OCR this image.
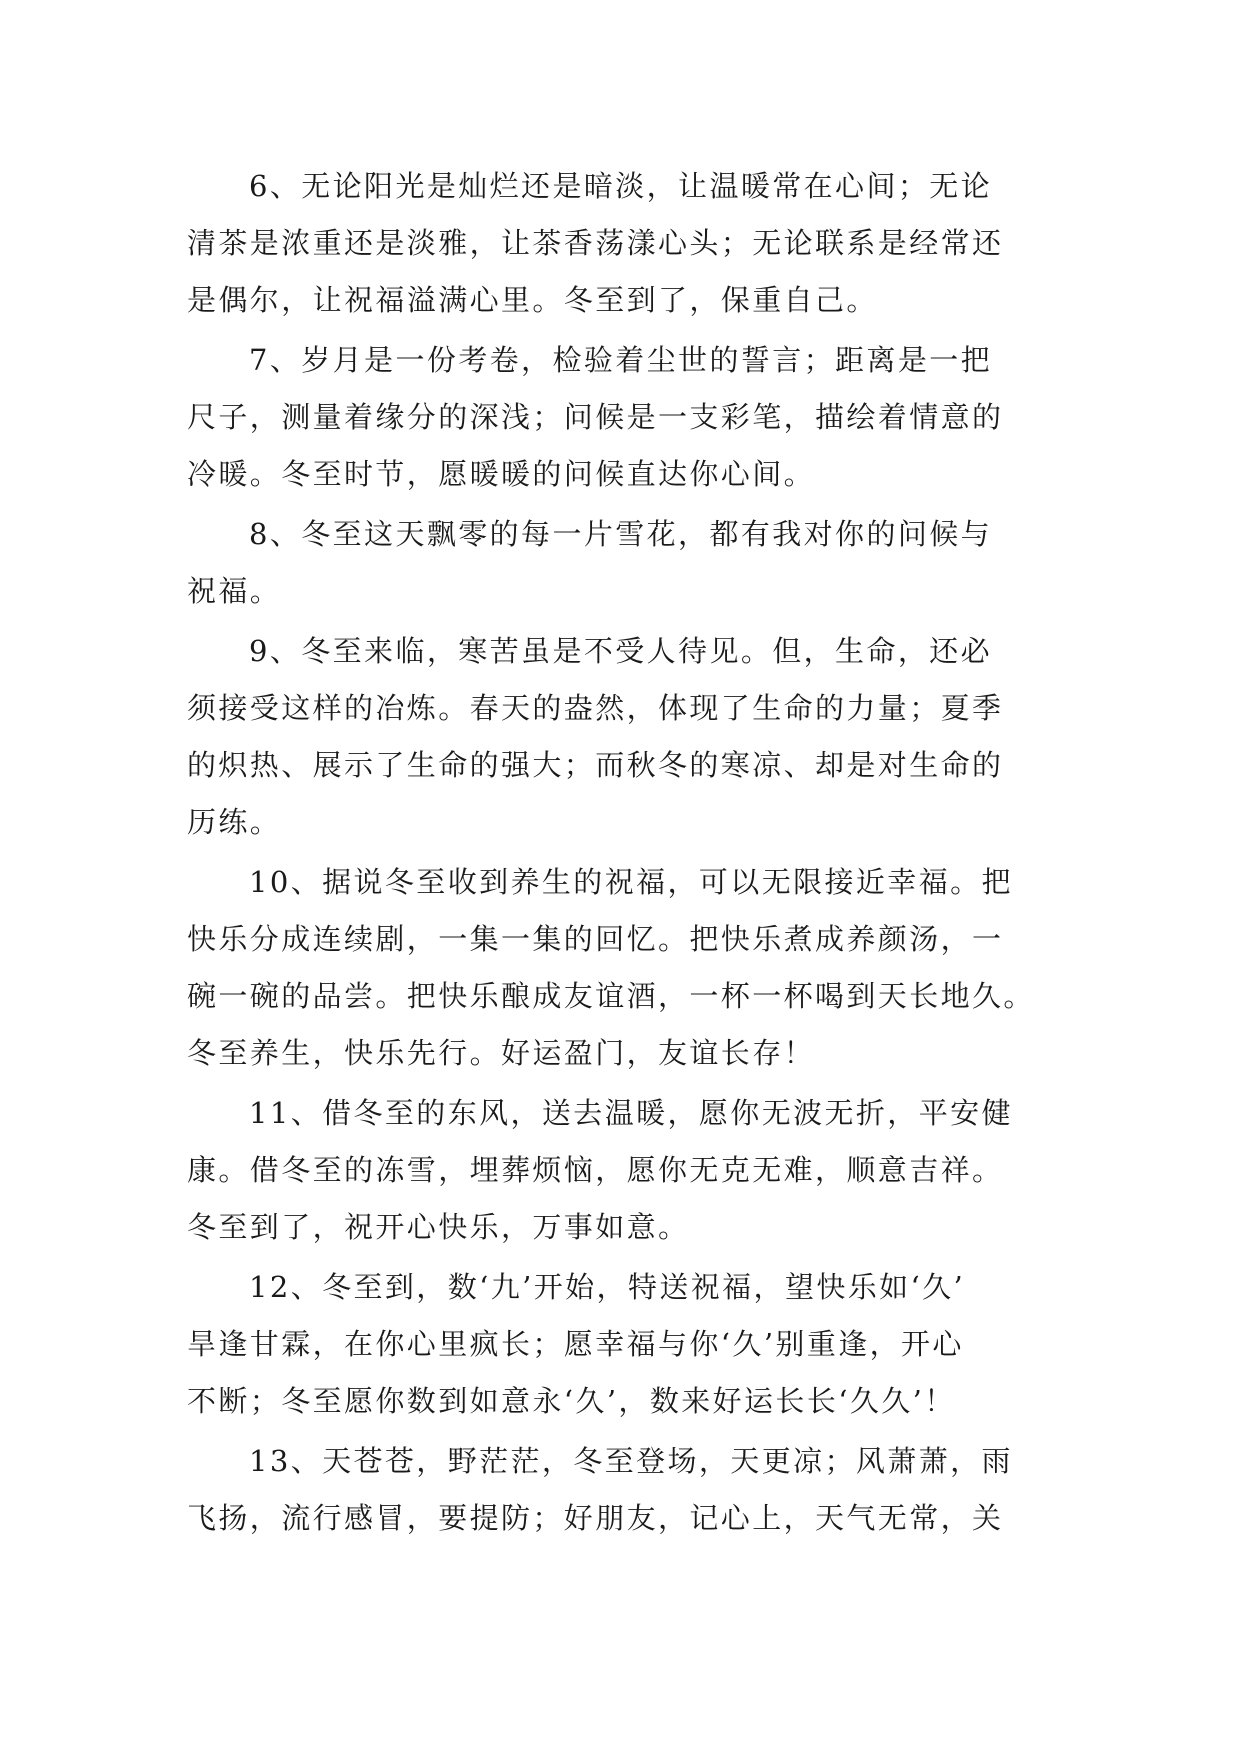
6、无论阳光是灿烂还是暗淡，让温暖常在心间；无论
清茶是浓重还是淡雅，让茶香荡漾心头；无论联系是经常还
是偶尔，让祝福溢满心里。冬至到了，保重自己。
7、岁月是一份考卷，检验着尘世的誓言；距离是一把
尺子，测量着缘分的深浅；问候是一支彩笔，描绘着情意的
冷暖。冬至时节，愿暖暖的问候直达你心间。
8、冬至这天飘零的每一片雪花，都有我对你的问候与
祝福。
9、冬至来临，寒苦虽是不受人待见。但，生命，还必
须接受这样的冶炼。春天的盎然，体现了生命的力量；夏季
的炽热、展示了生命的强大；而秋冬的寒凉、却是对生命的
历练。
10、据说冬至收到养生的祝福，可以无限接近幸福。把
快乐分成连续剧，一集一集的回忆。把快乐煮成养颜汤，一
碗一碗的品尝。把快乐酿成友谊酒，一杯一杯喝到天长地久。
冬至养生，快乐先行。好运盈门，友谊长存！
11、借冬至的东风，送去温暖，愿你无波无折，平安健
康。借冬至的冻雪，埋葬烦恼，愿你无克无难，顺意吉祥。
冬至到了，祝开心快乐，万事如意。
12、冬至到，数‘九’开始，特送祝福，望快乐如‘久’
旱逢甘霖，在你心里疯长；愿幸福与你‘久’别重逢，开心
不断；冬至愿你数到如意永‘久’，数来好运长长‘久久’！
13、天苍苍，野茫茫，冬至登场，天更凉；风萧萧，雨
飞扬，流行感冒，要提防；好朋友，记心上，天气无常，关
